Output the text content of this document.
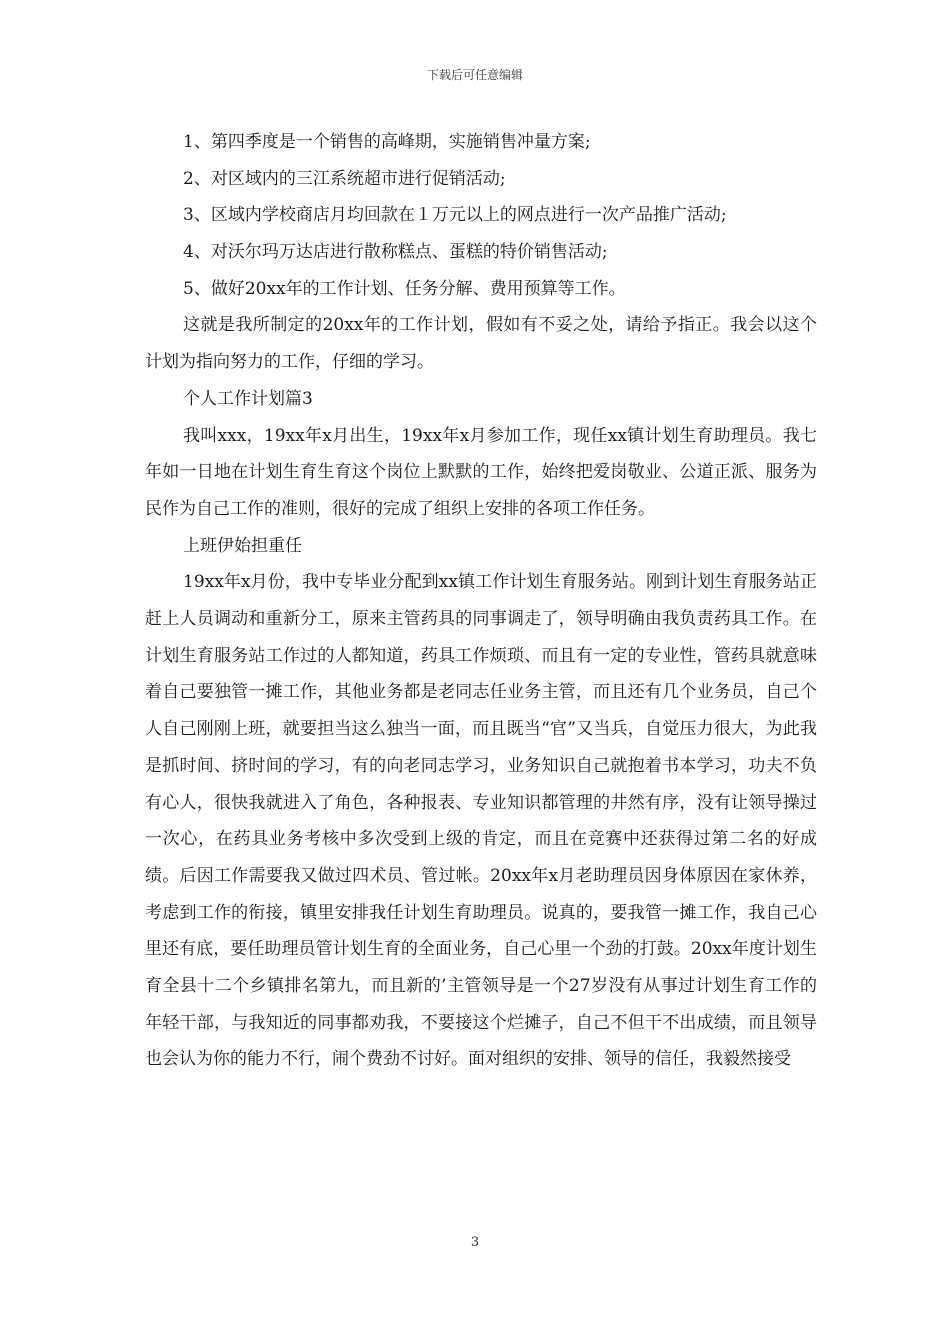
下载后可任意编辑
1、第四季度是一个销售的高峰期，实施销售冲量方案;
2、对区域内的三江系统超市进行促销活动;
3、区域内学校商店月均回款在１万元以上的网点进行一次产品推广活动;
4、对沃尔玛万达店进行散称糕点、蛋糕的特价销售活动;
5、做好20xx年的工作计划、任务分解、费用预算等工作。

这就是我所制定的20xx年的工作计划，假如有不妥之处，请给予指正。我会以这个计划为指向努力的工作，仔细的学习。

个人工作计划篇3

我叫xxx，19xx年x月出生，19xx年x月参加工作，现任xx镇计划生育助理员。我七年如一日地在计划生育生育这个岗位上默默的工作，始终把爱岗敬业、公道正派、服务为民作为自己工作的准则，很好的完成了组织上安排的各项工作任务。

上班伊始担重任

19xx年x月份，我中专毕业分配到xx镇工作计划生育服务站。刚到计划生育服务站正赶上人员调动和重新分工，原来主管药具的同事调走了，领导明确由我负责药具工作。在计划生育服务站工作过的人都知道，药具工作烦琐、而且有一定的专业性，管药具就意味着自己要独管一摊工作，其他业务都是老同志任业务主管，而且还有几个业务员，自己个人自己刚刚上班，就要担当这么独当一面，而且既当“官”又当兵，自觉压力很大，为此我是抓时间、挤时间的学习，有的向老同志学习，业务知识自己就抱着书本学习，功夫不负有心人，很快我就进入了角色，各种报表、专业知识都管理的井然有序，没有让领导操过一次心，在药具业务考核中多次受到上级的肯定，而且在竞赛中还获得过第二名的好成绩。后因工作需要我又做过四术员、管过帐。20xx年x月老助理员因身体原因在家休养，考虑到工作的衔接，镇里安排我任计划生育助理员。说真的，要我管一摊工作，我自己心里还有底，要任助理员管计划生育的全面业务，自己心里一个劲的打鼓。20xx年度计划生育全县十二个乡镇排名第九，而且新的’主管领导是一个27岁没有从事过计划生育工作的年轻干部，与我知近的同事都劝我，不要接这个烂摊子，自己不但干不出成绩，而且领导也会认为你的能力不行，闹个费劲不讨好。面对组织的安排、领导的信任，我毅然接受

3
